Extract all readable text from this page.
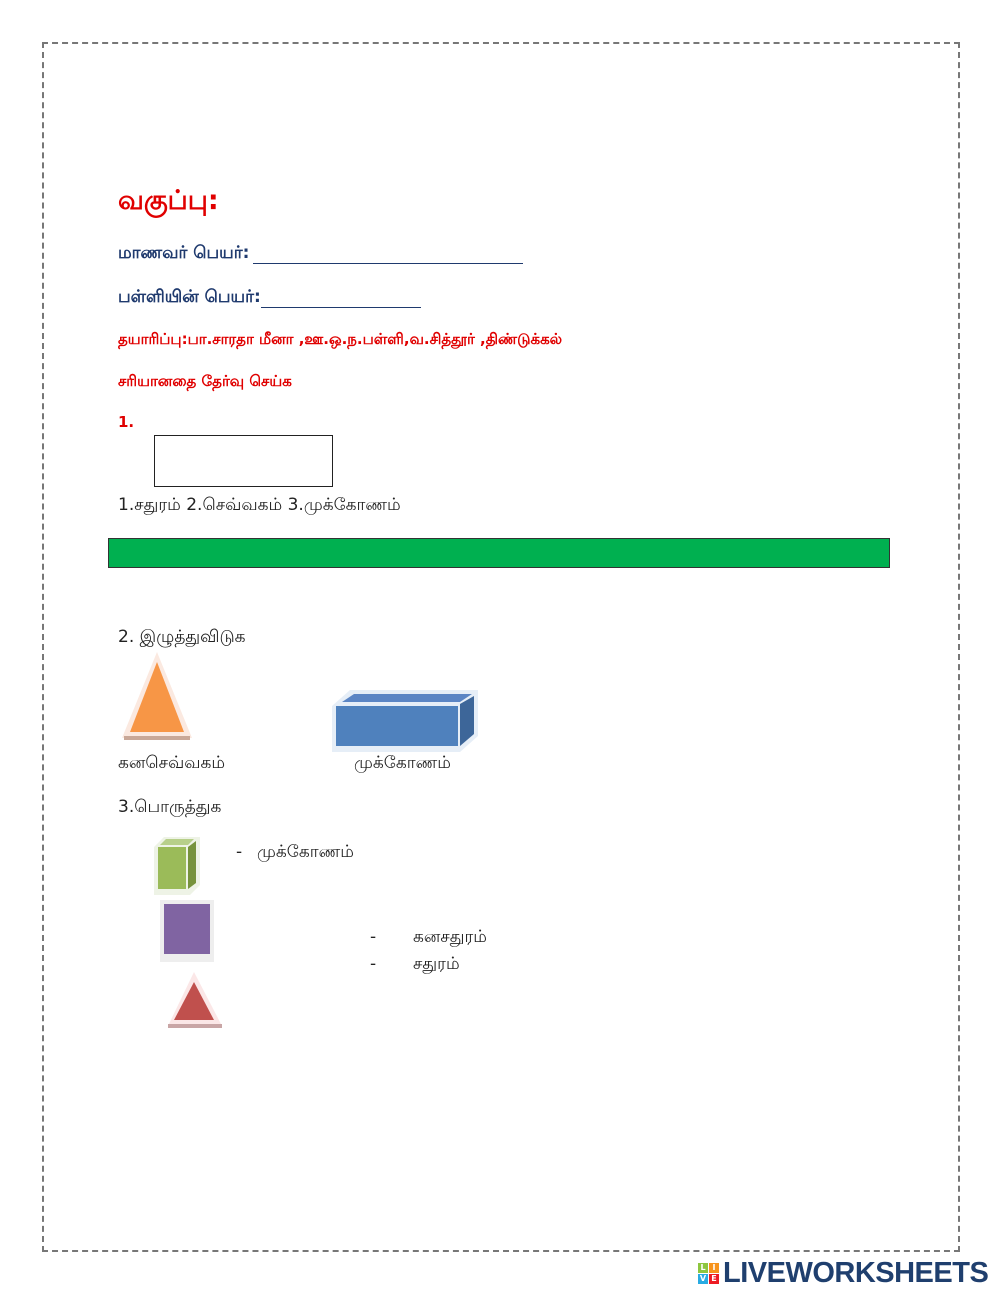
வகுப்பு:
மாணவர் பெயர்:
பள்ளியின் பெயர்:
தயாரிப்பு:பா.சாரதா மீனா ,ஊ.ஒ.ந.பள்ளி,வ.சித்தூர் ,திண்டுக்கல்
சரியானதை தேர்வு செய்க
1.
1.சதுரம் 2.செவ்வகம் 3.முக்கோணம்
2. இழுத்துவிடுக
கனசெவ்வகம்	முக்கோணம்
3.பொருத்துக
- முக்கோணம்
- கனசதுரம்
- சதுரம்
L I
V E LIVEWORKSHEETS
